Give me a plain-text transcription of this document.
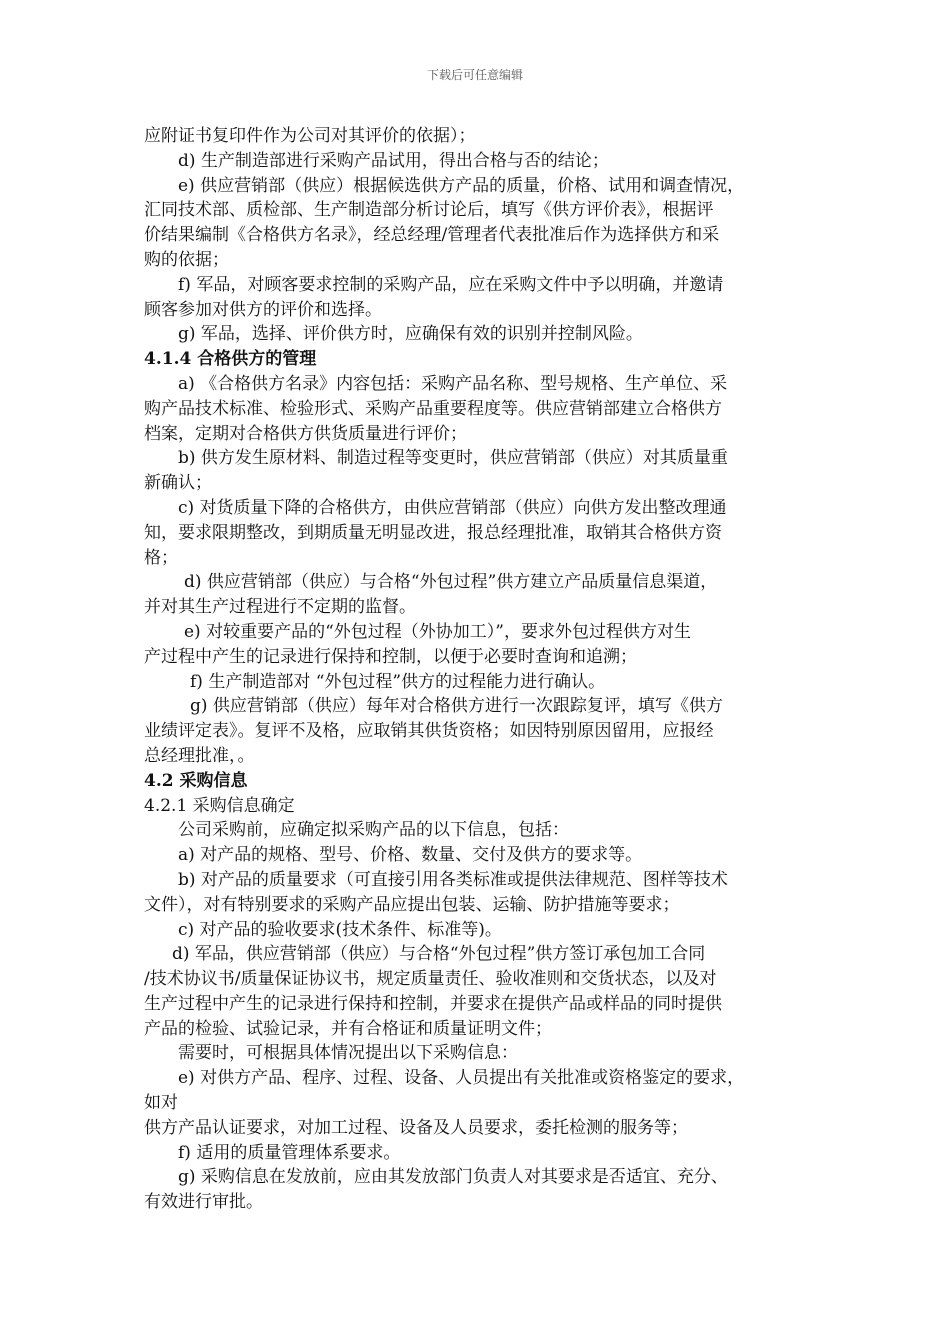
下载后可任意编辑

应附证书复印件作为公司对其评价的依据）；

d) 生产制造部进行采购产品试用，得出合格与否的结论；

e) 供应营销部（供应）根据候选供方产品的质量，价格、试用和调查情况，

汇同技术部、质检部、生产制造部分析讨论后，填写《供方评价表》，根据评

价结果编制《合格供方名录》，经总经理/管理者代表批准后作为选择供方和采

购的依据；

f) 军品，对顾客要求控制的采购产品，应在采购文件中予以明确，并邀请

顾客参加对供方的评价和选择。

g) 军品，选择、评价供方时，应确保有效的识别并控制风险。

4.1.4 合格供方的管理

a) 《合格供方名录》内容包括：采购产品名称、型号规格、生产单位、采

购产品技术标准、检验形式、采购产品重要程度等。供应营销部建立合格供方

档案，定期对合格供方供货质量进行评价；

b) 供方发生原材料、制造过程等变更时，供应营销部（供应）对其质量重

新确认；

c) 对货质量下降的合格供方，由供应营销部（供应）向供方发出整改理通

知，要求限期整改，到期质量无明显改进，报总经理批准，取销其合格供方资

格；

d) 供应营销部（供应）与合格“外包过程”供方建立产品质量信息渠道，

并对其生产过程进行不定期的监督。

e) 对较重要产品的“外包过程（外协加工）”，要求外包过程供方对生

产过程中产生的记录进行保持和控制，以便于必要时查询和追溯；

f) 生产制造部对 “外包过程”供方的过程能力进行确认。

g) 供应营销部（供应）每年对合格供方进行一次跟踪复评，填写《供方

业绩评定表》。复评不及格，应取销其供货资格；如因特别原因留用，应报经

总经理批准，。

4.2 采购信息

4.2.1 采购信息确定

公司采购前，应确定拟采购产品的以下信息，包括：

a) 对产品的规格、型号、价格、数量、交付及供方的要求等。

b) 对产品的质量要求（可直接引用各类标准或提供法律规范、图样等技术

文件），对有特别要求的采购产品应提出包装、运输、防护措施等要求；

c) 对产品的验收要求(技术条件、标准等)。

d) 军品，供应营销部（供应）与合格“外包过程”供方签订承包加工合同

/技术协议书/质量保证协议书，规定质量责任、验收准则和交货状态，以及对

生产过程中产生的记录进行保持和控制，并要求在提供产品或样品的同时提供

产品的检验、试验记录，并有合格证和质量证明文件；

需要时，可根据具体情况提出以下采购信息：

e) 对供方产品、程序、过程、设备、人员提出有关批准或资格鉴定的要求，

如对

供方产品认证要求，对加工过程、设备及人员要求，委托检测的服务等；

f) 适用的质量管理体系要求。

g) 采购信息在发放前，应由其发放部门负责人对其要求是否适宜、充分、

有效进行审批。
